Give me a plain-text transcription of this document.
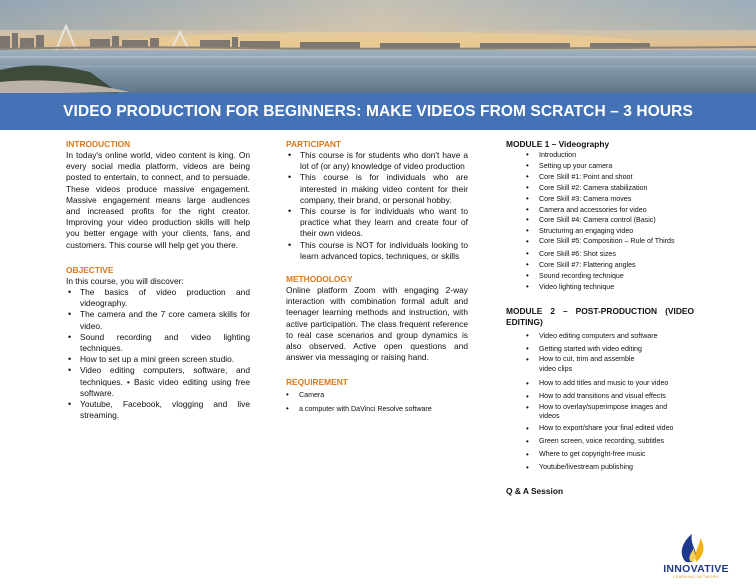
VIDEO PRODUCTION FOR BEGINNERS: MAKE VIDEOS FROM SCRATCH – 3 HOURS

INTRODUCTION

In today's online world, video content is king. On every social media platform, videos are being posted to entertain, to connect, and to persuade. These videos produce massive engagement. Massive engagement means large audiences and increased profits for the right creator. Improving your video production skills will help you better engage with your clients, fans, and customers. This course will help get you there.

OBJECTIVE

In this course, you will discover:

• The basics of video production and videography.
• The camera and the 7 core camera skills for video.
• Sound recording and video lighting techniques.
• How to set up a mini green screen studio.
• Video editing computers, software, and techniques. • Basic video editing using free software.
• Youtube, Facebook, vlogging and live streaming.

PARTICIPANT

• This course is for students who don't have a lot of (or any) knowledge of video production
• This course is for individuals who are interested in making video content for their company, their brand, or personal hobby.
• This course is for individuals who want to practice what they learn and create four of their own videos.
• This course is NOT for individuals looking to learn advanced topics, techniques, or skills

METHODOLOGY

Online platform Zoom with engaging 2-way interaction with combination formal adult and teenager learning methods and instruction, with active participation. The class frequent reference to real case scenarios and group dynamics is also observed. Active open questions and answer via messaging or raising hand.

REQUIREMENT

• Camera
• a computer with DaVinci Resolve software

MODULE 1 – Videography

• Introduction
• Setting up your camera
• Core Skill #1: Point and shoot
• Core Skill #2: Camera stabilization
• Core Skill #3: Camera moves
• Camera and accessories for video
• Core Skill #4: Camera control (Basic)
• Structuring an engaging video
• Core Skill #5: Composition – Rule of Thirds
• Core Skill #6: Shot sizes
• Core Skill #7: Flattering angles
• Sound recording technique
• Video lighting technique

MODULE 2 – POST-PRODUCTION (VIDEO EDITING)

• Video editing computers and software
• Getting started with video editing
• How to cut, trim and assemble video clips
• How to add titles and music to your video
• How to add transitions and visual effects
• How to overlay/superimpose images and videos
• How to export/share your final edited video
• Green screen, voice recording, subtitles
• Where to get copyright-free music
• Youtube/livestream publishing

Q & A Session

INNOVATIVE
LEARNING NETWORK
